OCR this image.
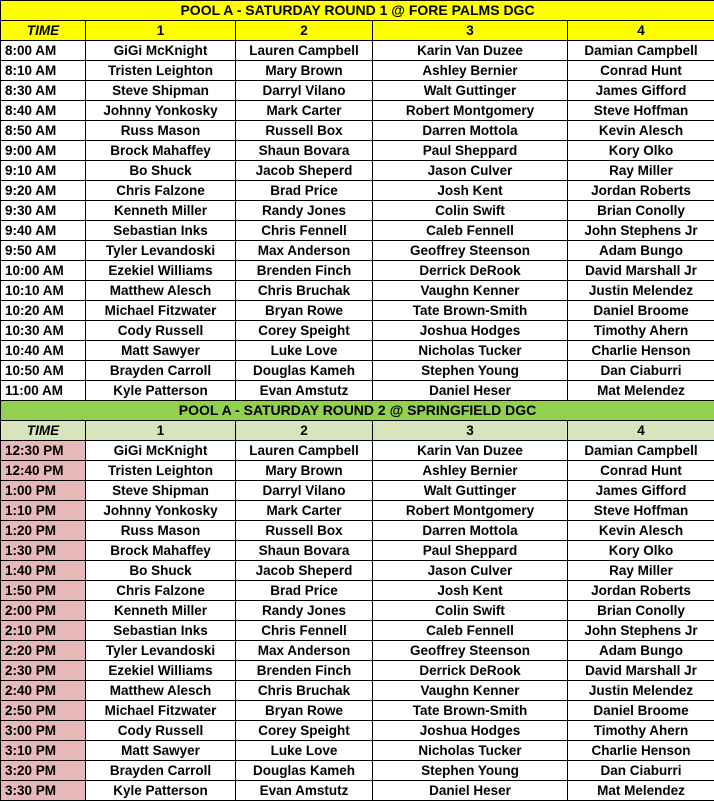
POOL A - SATURDAY ROUND 1 @ FORE PALMS DGC				
TIME	1	2	3	4
8:00 AM	GiGi McKnight	Lauren Campbell	Karin Van Duzee	Damian Campbell
8:10 AM	Tristen Leighton	Mary Brown	Ashley Bernier	Conrad Hunt
8:30 AM	Steve Shipman	Darryl Vilano	Walt Guttinger	James Gifford
8:40 AM	Johnny Yonkosky	Mark Carter	Robert Montgomery	Steve Hoffman
8:50 AM	Russ Mason	Russell Box	Darren Mottola	Kevin Alesch
9:00 AM	Brock Mahaffey	Shaun Bovara	Paul Sheppard	Kory Olko
9:10 AM	Bo Shuck	Jacob Sheperd	Jason Culver	Ray Miller
9:20 AM	Chris Falzone	Brad Price	Josh Kent	Jordan Roberts
9:30 AM	Kenneth Miller	Randy Jones	Colin Swift	Brian Conolly
9:40 AM	Sebastian Inks	Chris Fennell	Caleb Fennell	John Stephens Jr
9:50 AM	Tyler Levandoski	Max Anderson	Geoffrey Steenson	Adam Bungo
10:00 AM	Ezekiel Williams	Brenden Finch	Derrick DeRook	David Marshall Jr
10:10 AM	Matthew Alesch	Chris Bruchak	Vaughn Kenner	Justin Melendez
10:20 AM	Michael Fitzwater	Bryan Rowe	Tate Brown-Smith	Daniel Broome
10:30 AM	Cody Russell	Corey Speight	Joshua Hodges	Timothy Ahern
10:40 AM	Matt Sawyer	Luke Love	Nicholas Tucker	Charlie Henson
10:50 AM	Brayden Carroll	Douglas Kameh	Stephen Young	Dan Ciaburri
11:00 AM	Kyle Patterson	Evan Amstutz	Daniel Heser	Mat Melendez
POOL A - SATURDAY ROUND 2 @ SPRINGFIELD DGC				
TIME	1	2	3	4
12:30 PM	GiGi McKnight	Lauren Campbell	Karin Van Duzee	Damian Campbell
12:40 PM	Tristen Leighton	Mary Brown	Ashley Bernier	Conrad Hunt
1:00 PM	Steve Shipman	Darryl Vilano	Walt Guttinger	James Gifford
1:10 PM	Johnny Yonkosky	Mark Carter	Robert Montgomery	Steve Hoffman
1:20 PM	Russ Mason	Russell Box	Darren Mottola	Kevin Alesch
1:30 PM	Brock Mahaffey	Shaun Bovara	Paul Sheppard	Kory Olko
1:40 PM	Bo Shuck	Jacob Sheperd	Jason Culver	Ray Miller
1:50 PM	Chris Falzone	Brad Price	Josh Kent	Jordan Roberts
2:00 PM	Kenneth Miller	Randy Jones	Colin Swift	Brian Conolly
2:10 PM	Sebastian Inks	Chris Fennell	Caleb Fennell	John Stephens Jr
2:20 PM	Tyler Levandoski	Max Anderson	Geoffrey Steenson	Adam Bungo
2:30 PM	Ezekiel Williams	Brenden Finch	Derrick DeRook	David Marshall Jr
2:40 PM	Matthew Alesch	Chris Bruchak	Vaughn Kenner	Justin Melendez
2:50 PM	Michael Fitzwater	Bryan Rowe	Tate Brown-Smith	Daniel Broome
3:00 PM	Cody Russell	Corey Speight	Joshua Hodges	Timothy Ahern
3:10 PM	Matt Sawyer	Luke Love	Nicholas Tucker	Charlie Henson
3:20 PM	Brayden Carroll	Douglas Kameh	Stephen Young	Dan Ciaburri
3:30 PM	Kyle Patterson	Evan Amstutz	Daniel Heser	Mat Melendez
